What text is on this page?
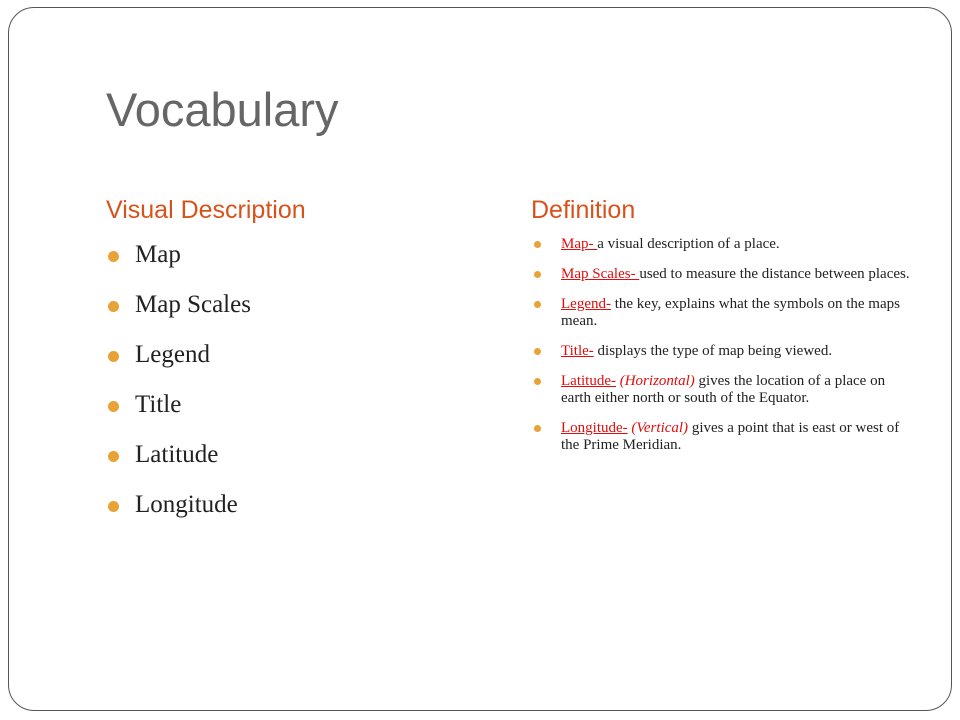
Vocabulary
Visual Description	Definition
Map
Map Scales
Legend
Title
Latitude
Longitude
Map- a visual description of a place.
Map Scales- used to measure the distance between places.
Legend- the key, explains what the symbols on the maps mean.
Title- displays the type of map being viewed.
Latitude- (Horizontal) gives the location of a place on earth either north or south of the Equator.
Longitude- (Vertical) gives a point that is east or west of the Prime Meridian.
